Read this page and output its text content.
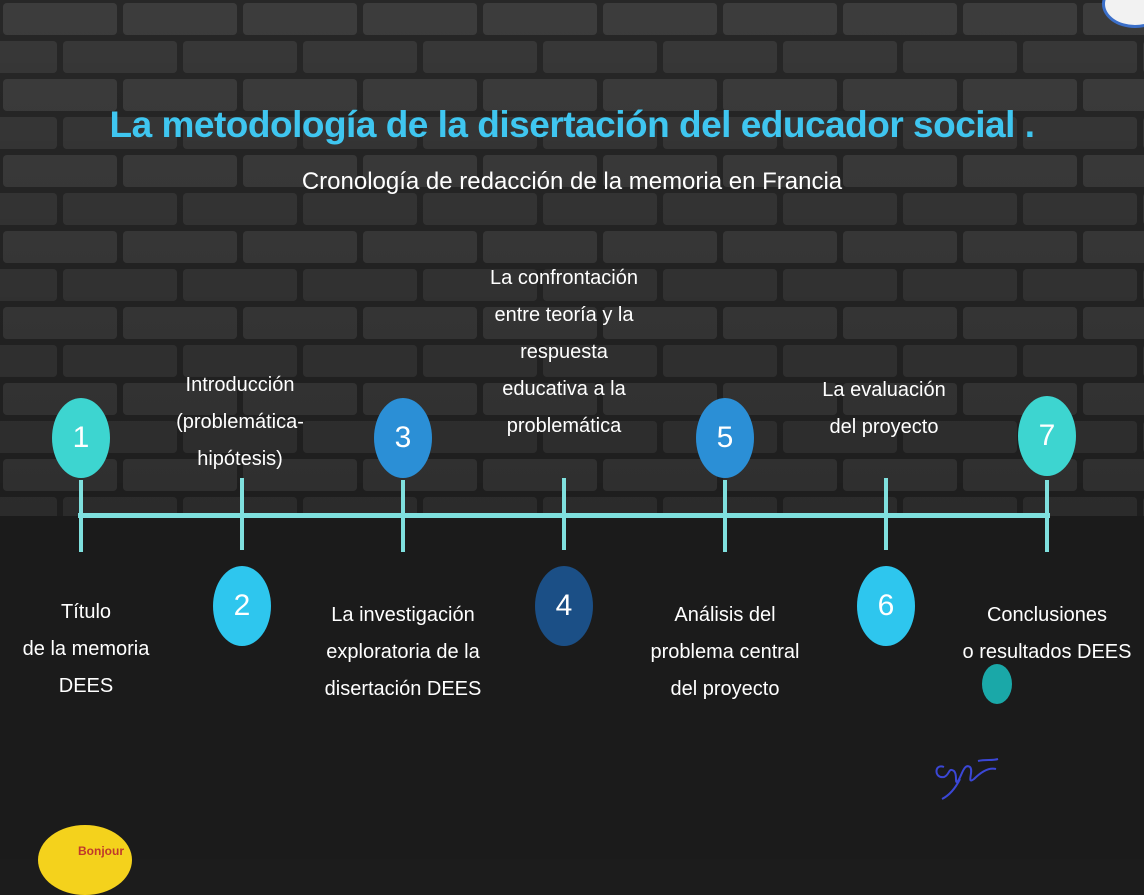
La metodología de la disertación del educador social .
Cronología de redacción de la memoria en Francia
1
Título
de la memoria
DEES
2
Introducción
(problemática-
hipótesis)
3
La investigación
exploratoria de la
disertación DEES
4
La confrontación
entre teoría y la
respuesta
educativa a la
problemática	5
Análisis del
problema central
del proyecto
6
La evaluación
del proyecto	7
Conclusiones
o resultados DEES
Bonjour
